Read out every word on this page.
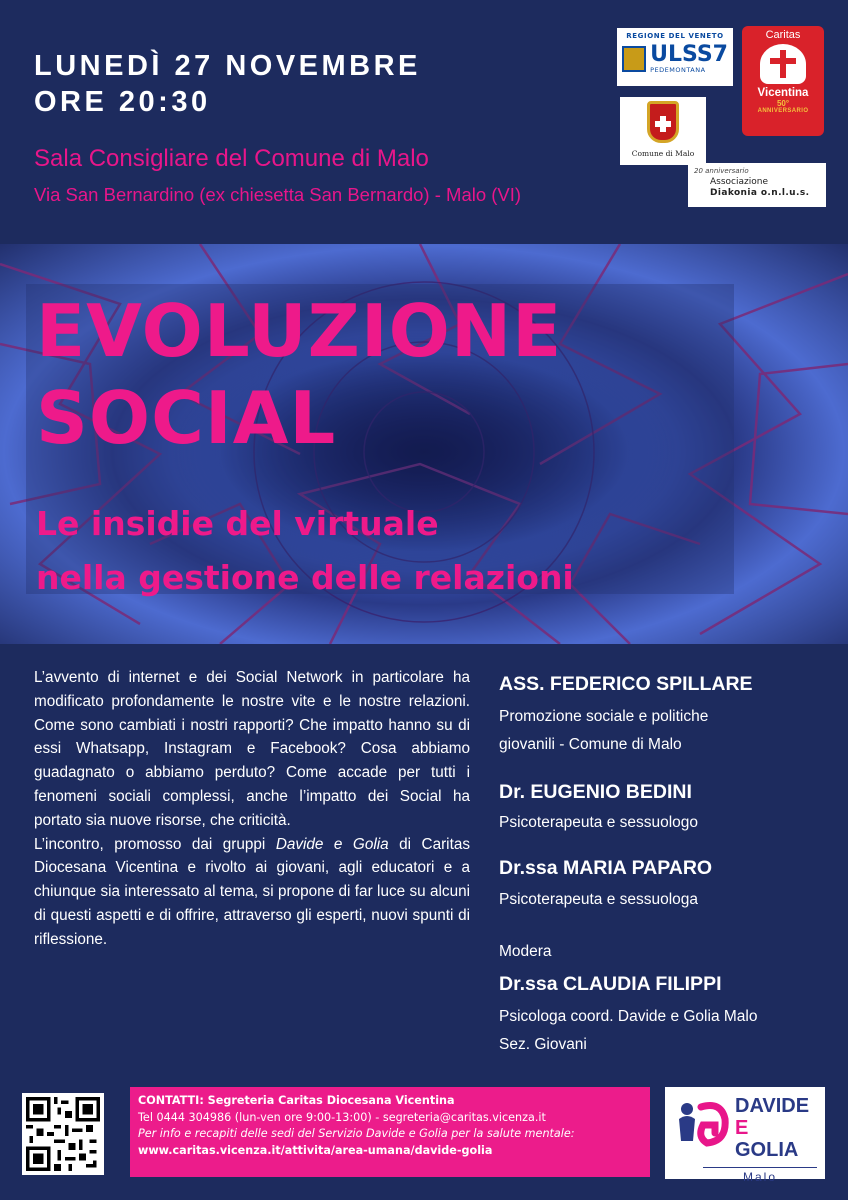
LUNEDÌ 27 NOVEMBRE
ORE 20:30
Sala Consigliare del Comune di Malo
Via San Bernardino (ex chiesetta San Bernardo) - Malo (VI)
REGIONE DEL VENETO
ULSS7
PEDEMONTANA
Comune di Malo
Caritas
Vicentina
50°
ANNIVERSARIO
20 anniversario
Associazione
Diakonia o.n.l.u.s.
EVOLUZIONE
SOCIAL
Le insidie del virtuale
nella gestione delle relazioni

L’avvento di internet e dei Social Network in particolare ha modificato profondamente le nostre vite e le nostre relazioni. Come sono cambiati i nostri rapporti? Che impatto hanno su di essi Whatsapp, Instagram e Facebook? Cosa abbiamo guadagnato o abbiamo perduto? Come accade per tutti i fenomeni sociali complessi, anche l’impatto dei Social ha portato sia nuove risorse, che criticità.

L’incontro, promosso dai gruppi Davide e Golia di Caritas Diocesana Vicentina e rivolto ai giovani, agli educatori e a chiunque sia interessato al tema, si propone di far luce su alcuni di questi aspetti e di offrire, attraverso gli esperti, nuovi spunti di riflessione.

ASS. FEDERICO SPILLARE
Promozione sociale e politiche
giovanili - Comune di Malo
Dr. EUGENIO BEDINI
Psicoterapeuta e sessuologo
Dr.ssa MARIA PAPARO
Psicoterapeuta e sessuologa
Modera
Dr.ssa CLAUDIA FILIPPI
Psicologa coord. Davide e Golia Malo
Sez. Giovani
CONTATTI: Segreteria Caritas Diocesana Vicentina
Tel 0444 304986 (lun-ven ore 9:00-13:00) - segreteria@caritas.vicenza.it
Per info e recapiti delle sedi del Servizio Davide e Golia per la salute mentale:
www.caritas.vicenza.it/attivita/area-umana/davide-golia
DAVIDE
E GOLIA
Malo
